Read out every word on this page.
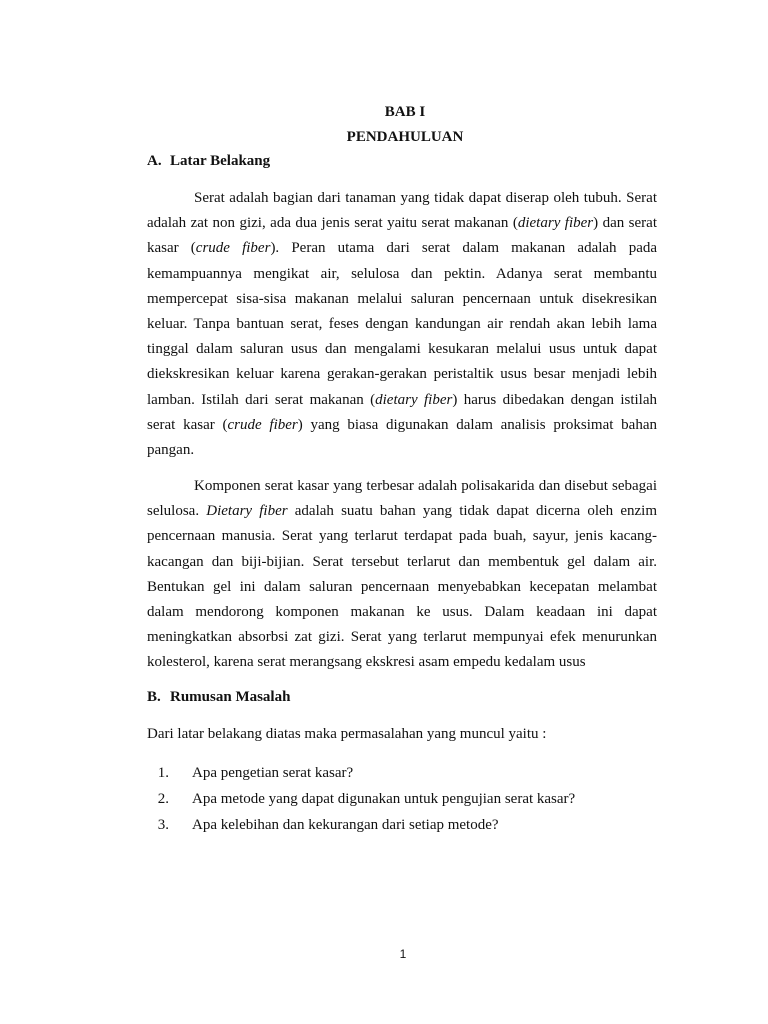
BAB I
PENDAHULUAN
A. Latar Belakang

Serat adalah bagian dari tanaman yang tidak dapat diserap oleh tubuh. Serat adalah zat non gizi, ada dua jenis serat yaitu serat makanan (dietary fiber) dan serat kasar (crude fiber). Peran utama dari serat dalam makanan adalah pada kemampuannya mengikat air, selulosa dan pektin. Adanya serat membantu mempercepat sisa-sisa makanan melalui saluran pencernaan untuk disekresikan keluar. Tanpa bantuan serat, feses dengan kandungan air rendah akan lebih lama tinggal dalam saluran usus dan mengalami kesukaran melalui usus untuk dapat diekskresikan keluar karena gerakan-gerakan peristaltik usus besar menjadi lebih lamban. Istilah dari serat makanan (dietary fiber) harus dibedakan dengan istilah serat kasar (crude fiber) yang biasa digunakan dalam analisis proksimat bahan pangan.

Komponen serat kasar yang terbesar adalah polisakarida dan disebut sebagai selulosa. Dietary fiber adalah suatu bahan yang tidak dapat dicerna oleh enzim pencernaan manusia. Serat yang terlarut terdapat pada buah, sayur, jenis kacang-kacangan dan biji-bijian. Serat tersebut terlarut dan membentuk gel dalam air. Bentukan gel ini dalam saluran pencernaan menyebabkan kecepatan melambat dalam mendorong komponen makanan ke usus. Dalam keadaan ini dapat meningkatkan absorbsi zat gizi. Serat yang terlarut mempunyai efek menurunkan kolesterol, karena serat merangsang ekskresi asam empedu kedalam usus

B. Rumusan Masalah
Dari latar belakang diatas maka permasalahan yang muncul yaitu :
1. Apa pengetian serat kasar?
2. Apa metode yang dapat digunakan untuk pengujian serat kasar?
3. Apa kelebihan dan kekurangan dari setiap metode?
1
